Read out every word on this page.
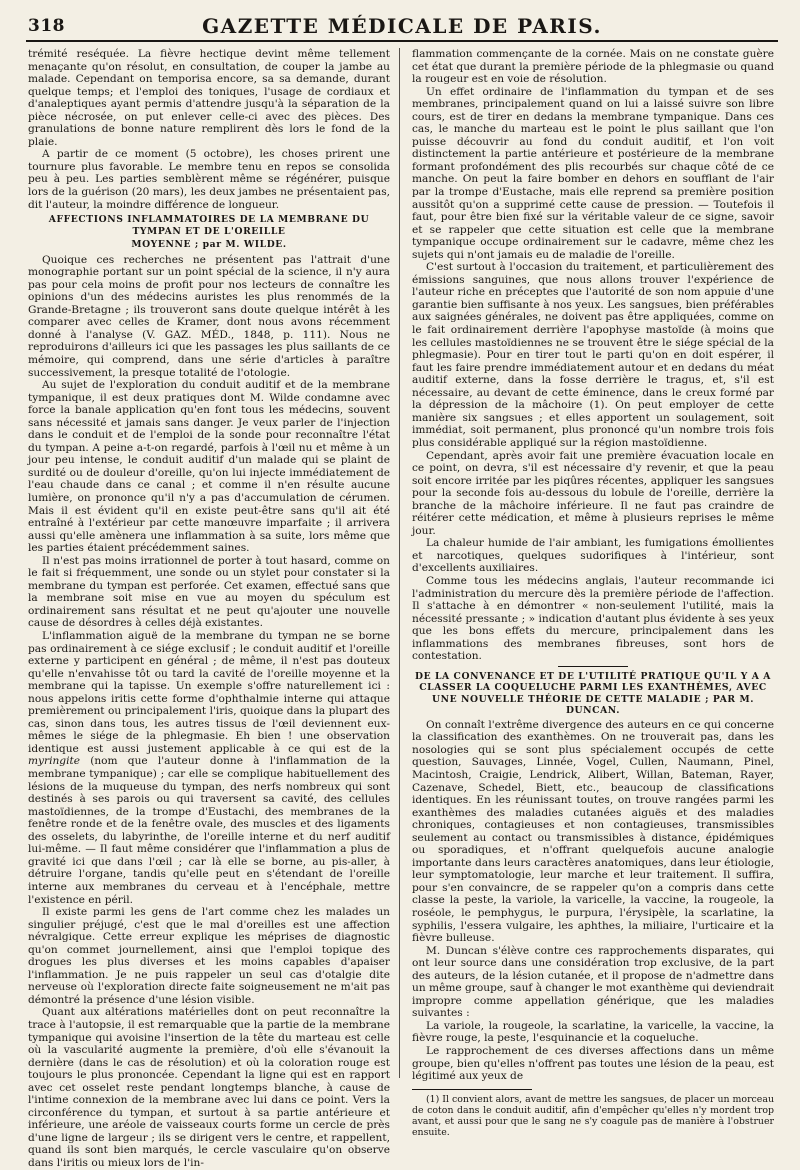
318	GAZETTE MÉDICALE DE PARIS.

trémité reséquée. La fièvre hectique devint même tellement menaçante qu'on résolut, en consultation, de couper la jambe au malade. Cependant on temporisa encore, sa sa demande, durant quelque temps; et l'emploi des toniques, l'usage de cordiaux et d'analeptiques ayant permis d'attendre jusqu'à la séparation de la pièce nécrosée, on put enlever celle-ci avec des pièces. Des granulations de bonne nature remplirent dès lors le fond de la plaie.

A partir de ce moment (5 octobre), les choses prirent une tournure plus favorable. Le membre tenu en repos se consolida peu à peu. Les parties semblèrent même se régénérer, puisque lors de la guérison (20 mars), les deux jambes ne présentaient pas, dit l'auteur, la moindre différence de longueur.

AFFECTIONS INFLAMMATOIRES DE LA MEMBRANE DU TYMPAN ET DE L'OREILLE
MOYENNE ; par M. WILDE.

Quoique ces recherches ne présentent pas l'attrait d'une monographie portant sur un point spécial de la science, il n'y aura pas pour cela moins de profit pour nos lecteurs de connaître les opinions d'un des médecins auristes les plus renommés de la Grande-Bretagne ; ils trouveront sans doute quelque intérêt à les comparer avec celles de Kramer, dont nous avons récemment donné à l'analyse (V. GAZ. MÉD., 1848, p. 111). Nous ne reproduirons d'ailleurs ici que les passages les plus saillants de ce mémoire, qui comprend, dans une série d'articles à paraître successivement, la presque totalité de l'otologie.

Au sujet de l'exploration du conduit auditif et de la membrane tympanique, il est deux pratiques dont M. Wilde condamne avec force la banale application qu'en font tous les médecins, souvent sans nécessité et jamais sans danger. Je veux parler de l'injection dans le conduit et de l'emploi de la sonde pour reconnaître l'état du tympan. A peine a-t-on regardé, parfois à l'œil nu et même à un jour peu intense, le conduit auditif d'un malade qui se plaint de surdité ou de douleur d'oreille, qu'on lui injecte immédiatement de l'eau chaude dans ce canal ; et comme il n'en résulte aucune lumière, on prononce qu'il n'y a pas d'accumulation de cérumen. Mais il est évident qu'il en existe peut-être sans qu'il ait été entraîné à l'extérieur par cette manœuvre imparfaite ; il arrivera aussi qu'elle amènera une inflammation à sa suite, lors même que les parties étaient précédemment saines.

Il n'est pas moins irrationnel de porter à tout hasard, comme on le fait si fréquemment, une sonde ou un stylet pour constater si la membrane du tympan est perforée. Cet examen, effectué sans que la membrane soit mise en vue au moyen du spéculum est ordinairement sans résultat et ne peut qu'ajouter une nouvelle cause de désordres à celles déjà existantes.

L'inflammation aiguë de la membrane du tympan ne se borne pas ordinairement à ce siége exclusif ; le conduit auditif et l'oreille externe y participent en général ; de même, il n'est pas douteux qu'elle n'envahisse tôt ou tard la cavité de l'oreille moyenne et la membrane qui la tapisse. Un exemple s'offre naturellement ici : nous appelons iritis cette forme d'ophthalmie interne qui attaque premièrement ou principalement l'iris, quoique dans la plupart des cas, sinon dans tous, les autres tissus de l'œil deviennent eux-mêmes le siége de la phlegmasie. Eh bien ! une observation identique est aussi justement applicable à ce qui est de la myringite (nom que l'auteur donne à l'inflammation de la membrane tympanique) ; car elle se complique habituellement des lésions de la muqueuse du tympan, des nerfs nombreux qui sont destinés à ses parois ou qui traversent sa cavité, des cellules mastoïdiennes, de la trompe d'Eustachi, des membranes de la fenêtre ronde et de la fenêtre ovale, des muscles et des ligaments des osselets, du labyrinthe, de l'oreille interne et du nerf auditif lui-même. — Il faut même considérer que l'inflammation a plus de gravité ici que dans l'œil ; car là elle se borne, au pis-aller, à détruire l'organe, tandis qu'elle peut en s'étendant de l'oreille interne aux membranes du cerveau et à l'encéphale, mettre l'existence en péril.

Il existe parmi les gens de l'art comme chez les malades un singulier préjugé, c'est que le mal d'oreilles est une affection névralgique. Cette erreur explique les méprises de diagnostic qu'on commet journellement, ainsi que l'emploi topique des drogues les plus diverses et les moins capables d'apaiser l'inflammation. Je ne puis rappeler un seul cas d'otalgie dite nerveuse où l'exploration directe faite soigneusement ne m'ait pas démontré la présence d'une lésion visible.

Quant aux altérations matérielles dont on peut reconnaître la trace à l'autopsie, il est remarquable que la partie de la membrane tympanique qui avoisine l'insertion de la tête du marteau est celle où la vascularité augmente la première, d'où elle s'évanouit la dernière (dans le cas de résolution) et où la coloration rouge est toujours le plus prononcée. Cependant la ligne qui est en rapport avec cet osselet reste pendant longtemps blanche, à cause de l'intime connexion de la membrane avec lui dans ce point. Vers la circonférence du tympan, et surtout à sa partie antérieure et inférieure, une aréole de vaisseaux courts forme un cercle de près d'une ligne de largeur ; ils se dirigent vers le centre, et rappellent, quand ils sont bien marqués, le cercle vasculaire qu'on observe dans l'iritis ou mieux lors de l'in-

flammation commençante de la cornée. Mais on ne constate guère cet état que durant la première période de la phlegmasie ou quand la rougeur est en voie de résolution.

Un effet ordinaire de l'inflammation du tympan et de ses membranes, principalement quand on lui a laissé suivre son libre cours, est de tirer en dedans la membrane tympanique. Dans ces cas, le manche du marteau est le point le plus saillant que l'on puisse découvrir au fond du conduit auditif, et l'on voit distinctement la partie antérieure et postérieure de la membrane formant profondément des plis recourbés sur chaque côté de ce manche. On peut la faire bomber en dehors en soufflant de l'air par la trompe d'Eustache, mais elle reprend sa première position aussitôt qu'on a supprimé cette cause de pression. — Toutefois il faut, pour être bien fixé sur la véritable valeur de ce signe, savoir et se rappeler que cette situation est celle que la membrane tympanique occupe ordinairement sur le cadavre, même chez les sujets qui n'ont jamais eu de maladie de l'oreille.

C'est surtout à l'occasion du traitement, et particulièrement des émissions sanguines, que nous allons trouver l'expérience de l'auteur riche en préceptes que l'autorité de son nom appuie d'une garantie bien suffisante à nos yeux. Les sangsues, bien préférables aux saignées générales, ne doivent pas être appliquées, comme on le fait ordinairement derrière l'apophyse mastoïde (à moins que les cellules mastoïdiennes ne se trouvent être le siége spécial de la phlegmasie). Pour en tirer tout le parti qu'on en doit espérer, il faut les faire prendre immédiatement autour et en dedans du méat auditif externe, dans la fosse derrière le tragus, et, s'il est nécessaire, au devant de cette éminence, dans le creux formé par la dépression de la mâchoire (1). On peut employer de cette manière six sangsues ; et elles apportent un soulagement, soit immédiat, soit permanent, plus prononcé qu'un nombre trois fois plus considérable appliqué sur la région mastoïdienne.

Cependant, après avoir fait une première évacuation locale en ce point, on devra, s'il est nécessaire d'y revenir, et que la peau soit encore irritée par les piqûres récentes, appliquer les sangsues pour la seconde fois au-dessous du lobule de l'oreille, derrière la branche de la mâchoire inférieure. Il ne faut pas craindre de réitérer cette médication, et même à plusieurs reprises le même jour.

La chaleur humide de l'air ambiant, les fumigations émollientes et narcotiques, quelques sudorifiques à l'intérieur, sont d'excellents auxiliaires.

Comme tous les médecins anglais, l'auteur recommande ici l'administration du mercure dès la première période de l'affection. Il s'attache à en démontrer « non-seulement l'utilité, mais la nécessité pressante ; » indication d'autant plus évidente à ses yeux que les bons effets du mercure, principalement dans les inflammations des membranes fibreuses, sont hors de contestation.

DE LA CONVENANCE ET DE L'UTILITÉ PRATIQUE QU'IL Y A A CLASSER LA COQUELUCHE PARMI LES EXANTHÈMES, AVEC UNE NOUVELLE THÉORIE DE CETTE MALADIE ; PAR M. DUNCAN.

On connaît l'extrême divergence des auteurs en ce qui concerne la classification des exanthèmes. On ne trouverait pas, dans les nosologies qui se sont plus spécialement occupés de cette question, Sauvages, Linnée, Vogel, Cullen, Naumann, Pinel, Macintosh, Craigie, Lendrick, Alibert, Willan, Bateman, Rayer, Cazenave, Schedel, Biett, etc., beaucoup de classifications identiques. En les réunissant toutes, on trouve rangées parmi les exanthèmes des maladies cutanées aiguës et des maladies chroniques, contagieuses et non contagieuses, transmissibles seulement au contact ou transmissibles à distance, épidémiques ou sporadiques, et n'offrant quelquefois aucune analogie importante dans leurs caractères anatomiques, dans leur étiologie, leur symptomatologie, leur marche et leur traitement. Il suffira, pour s'en convaincre, de se rappeler qu'on a compris dans cette classe la peste, la variole, la varicelle, la vaccine, la rougeole, la roséole, le pemphygus, le purpura, l'érysipèle, la scarlatine, la syphilis, l'essera vulgaire, les aphthes, la miliaire, l'urticaire et la fièvre bulleuse.

M. Duncan s'élève contre ces rapprochements disparates, qui ont leur source dans une considération trop exclusive, de la part des auteurs, de la lésion cutanée, et il propose de n'admettre dans un même groupe, sauf à changer le mot exanthème qui deviendrait impropre comme appellation générique, que les maladies suivantes :

La variole, la rougeole, la scarlatine, la varicelle, la vaccine, la fièvre rouge, la peste, l'esquinancie et la coqueluche.

Le rapprochement de ces diverses affections dans un même groupe, bien qu'elles n'offrent pas toutes une lésion de la peau, est légitimé aux yeux de

(1) Il convient alors, avant de mettre les sangsues, de placer un morceau de coton dans le conduit auditif, afin d'empêcher qu'elles n'y mordent trop avant, et aussi pour que le sang ne s'y coagule pas de manière à l'obstruer ensuite.
